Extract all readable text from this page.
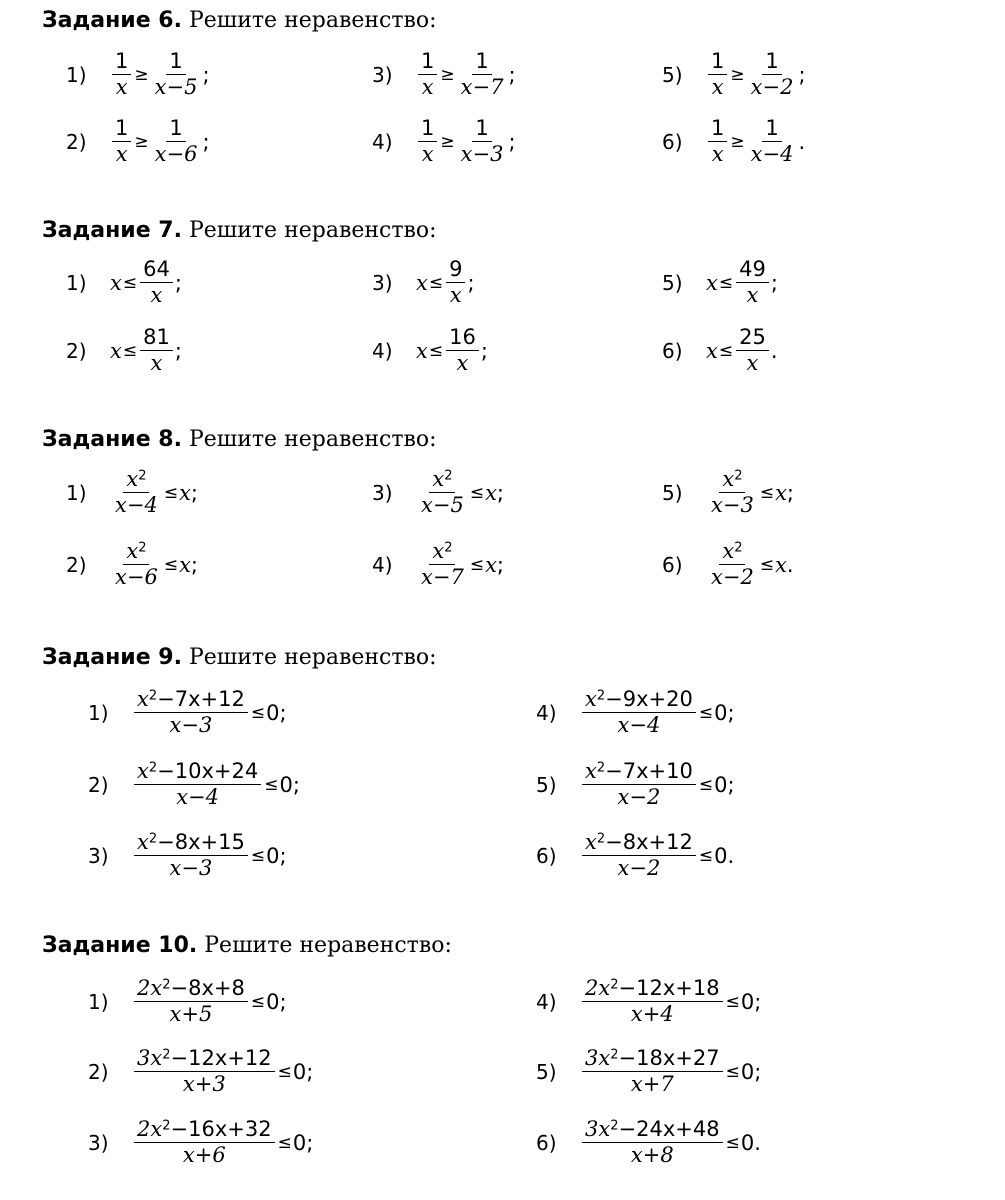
Задание 6. Решите неравенство:
1)	$\frac{1}{x} \ge \frac{1}{x-5}$ ;
2)	$\frac{1}{x} \ge \frac{1}{x-6}$ ;
3)	$\frac{1}{x} \ge \frac{1}{x-7}$ ;
4)	$\frac{1}{x} \ge \frac{1}{x-3}$ ;
5)	$\frac{1}{x} \ge \frac{1}{x-2}$ ;
6)	$\frac{1}{x} \ge \frac{1}{x-4}$ .
Задание 7. Решите неравенство:
1)	$x \le \frac{64}{x}$ ;
2)	$x \le \frac{81}{x}$ ;
3)	$x \le \frac{9}{x}$ ;
4)	$x \le \frac{16}{x}$ ;
5)	$x \le \frac{49}{x}$ ;
6)	$x \le \frac{25}{x}$ .
Задание 8. Решите неравенство:
1)	$\frac{x^2}{x-4} \le x$ ;
2)	$\frac{x^2}{x-6} \le x$ ;
3)	$\frac{x^2}{x-5} \le x$ ;
4)	$\frac{x^2}{x-7} \le x$ ;
5)	$\frac{x^2}{x-3} \le x$ ;
6)	$\frac{x^2}{x-2} \le x$ .
Задание 9. Решите неравенство:
1)	$\frac{x^2-7x+12}{x-3} \le 0$ ;
2)	$\frac{x^2-10x+24}{x-4} \le 0$ ;
3)	$\frac{x^2-8x+15}{x-3} \le 0$ ;
4)	$\frac{x^2-9x+20}{x-4} \le 0$ ;
5)	$\frac{x^2-7x+10}{x-2} \le 0$ ;
6)	$\frac{x^2-8x+12}{x-2} \le 0$ .
Задание 10. Решите неравенство:
1)	$\frac{2x^2-8x+8}{x+5} \le 0$ ;
2)	$\frac{3x^2-12x+12}{x+3} \le 0$ ;
3)	$\frac{2x^2-16x+32}{x+6} \le 0$ ;
4)	$\frac{2x^2-12x+18}{x+4} \le 0$ ;
5)	$\frac{3x^2-18x+27}{x+7} \le 0$ ;
6)	$\frac{3x^2-24x+48}{x+8} \le 0$ .
